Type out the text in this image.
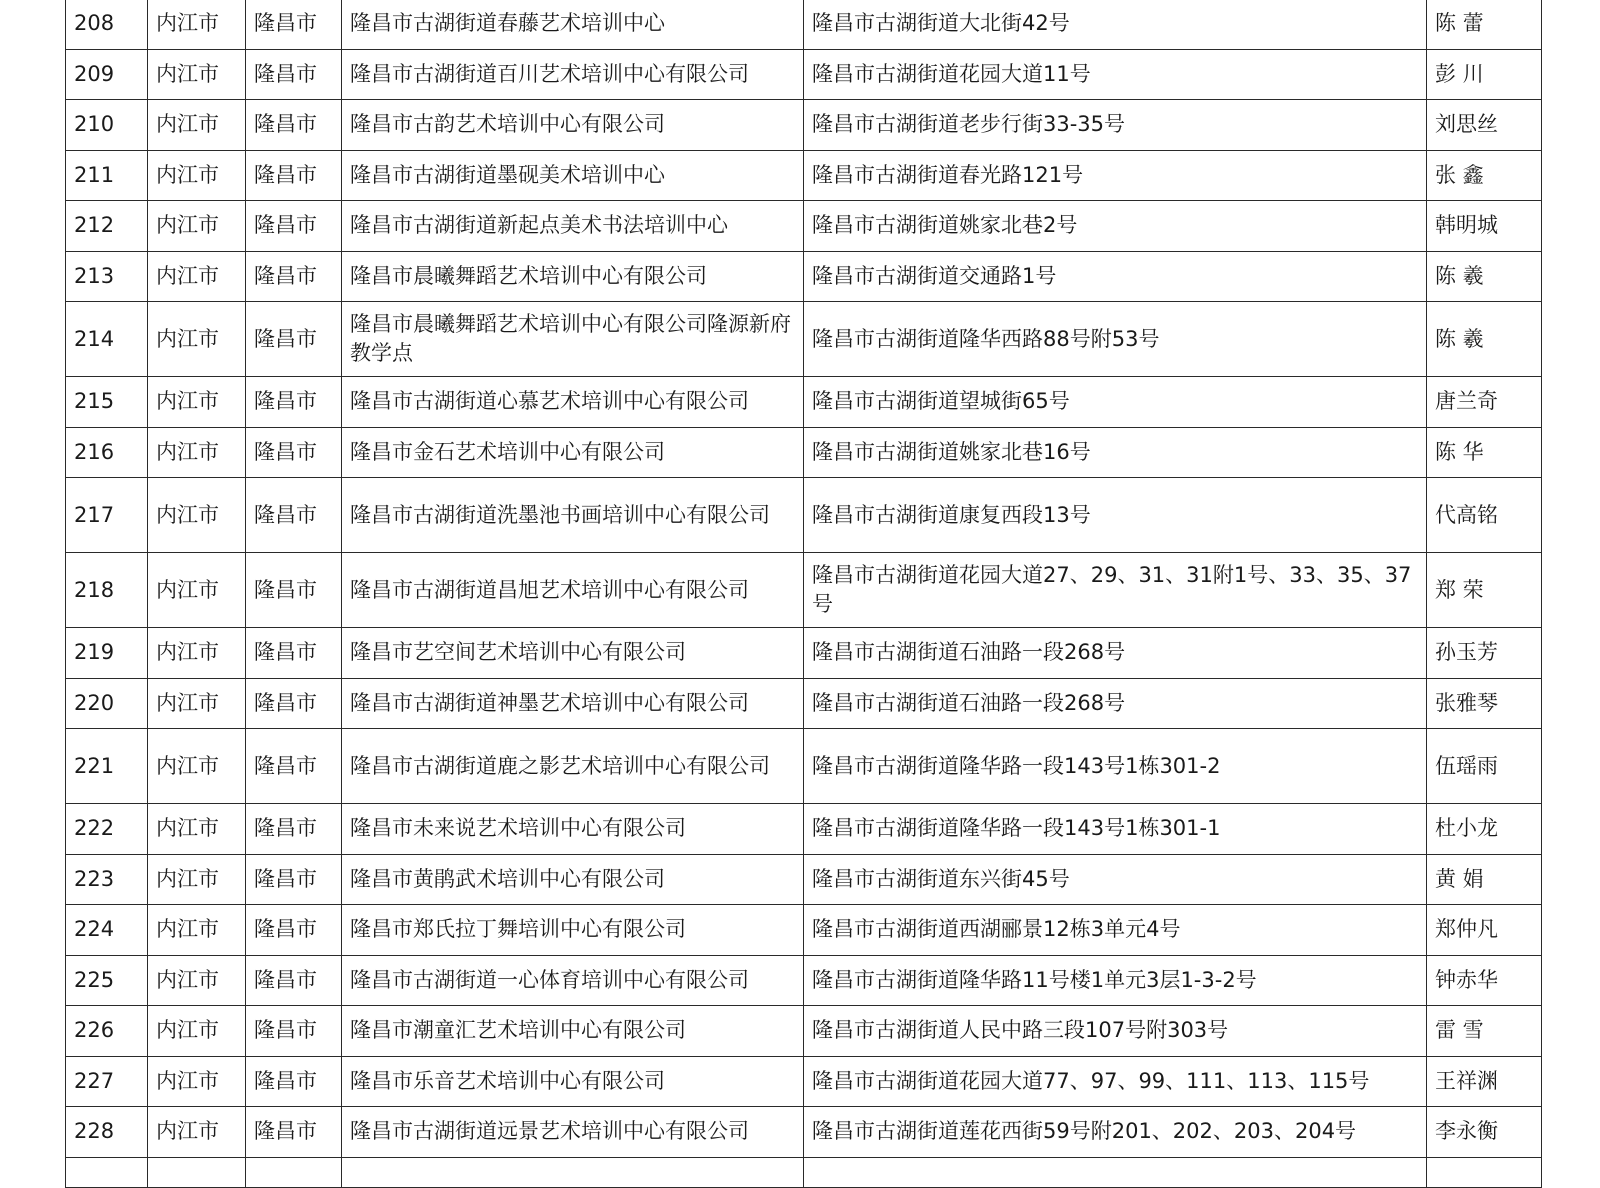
208	内江市	隆昌市	隆昌市古湖街道春藤艺术培训中心	隆昌市古湖街道大北街42号	陈 蕾
209	内江市	隆昌市	隆昌市古湖街道百川艺术培训中心有限公司	隆昌市古湖街道花园大道11号	彭 川
210	内江市	隆昌市	隆昌市古韵艺术培训中心有限公司	隆昌市古湖街道老步行街33-35号	刘思丝
211	内江市	隆昌市	隆昌市古湖街道墨砚美术培训中心	隆昌市古湖街道春光路121号	张 鑫
212	内江市	隆昌市	隆昌市古湖街道新起点美术书法培训中心	隆昌市古湖街道姚家北巷2号	韩明城
213	内江市	隆昌市	隆昌市晨曦舞蹈艺术培训中心有限公司	隆昌市古湖街道交通路1号	陈 羲
214	内江市	隆昌市	隆昌市晨曦舞蹈艺术培训中心有限公司隆源新府教学点	隆昌市古湖街道隆华西路88号附53号	陈 羲
215	内江市	隆昌市	隆昌市古湖街道心慕艺术培训中心有限公司	隆昌市古湖街道望城街65号	唐兰奇
216	内江市	隆昌市	隆昌市金石艺术培训中心有限公司	隆昌市古湖街道姚家北巷16号	陈 华
217	内江市	隆昌市	隆昌市古湖街道洗墨池书画培训中心有限公司	隆昌市古湖街道康复西段13号	代高铭
218	内江市	隆昌市	隆昌市古湖街道昌旭艺术培训中心有限公司	隆昌市古湖街道花园大道27、29、31、31附1号、33、35、37号	郑 荣
219	内江市	隆昌市	隆昌市艺空间艺术培训中心有限公司	隆昌市古湖街道石油路一段268号	孙玉芳
220	内江市	隆昌市	隆昌市古湖街道神墨艺术培训中心有限公司	隆昌市古湖街道石油路一段268号	张雅琴
221	内江市	隆昌市	隆昌市古湖街道鹿之影艺术培训中心有限公司	隆昌市古湖街道隆华路一段143号1栋301-2	伍瑶雨
222	内江市	隆昌市	隆昌市未来说艺术培训中心有限公司	隆昌市古湖街道隆华路一段143号1栋301-1	杜小龙
223	内江市	隆昌市	隆昌市黄鹃武术培训中心有限公司	隆昌市古湖街道东兴街45号	黄 娟
224	内江市	隆昌市	隆昌市郑氏拉丁舞培训中心有限公司	隆昌市古湖街道西湖郦景12栋3单元4号	郑仲凡
225	内江市	隆昌市	隆昌市古湖街道一心体育培训中心有限公司	隆昌市古湖街道隆华路11号楼1单元3层1-3-2号	钟赤华
226	内江市	隆昌市	隆昌市潮童汇艺术培训中心有限公司	隆昌市古湖街道人民中路三段107号附303号	雷 雪
227	内江市	隆昌市	隆昌市乐音艺术培训中心有限公司	隆昌市古湖街道花园大道77、97、99、111、113、115号	王祥渊
228	内江市	隆昌市	隆昌市古湖街道远景艺术培训中心有限公司	隆昌市古湖街道莲花西街59号附201、202、203、204号	李永衡
